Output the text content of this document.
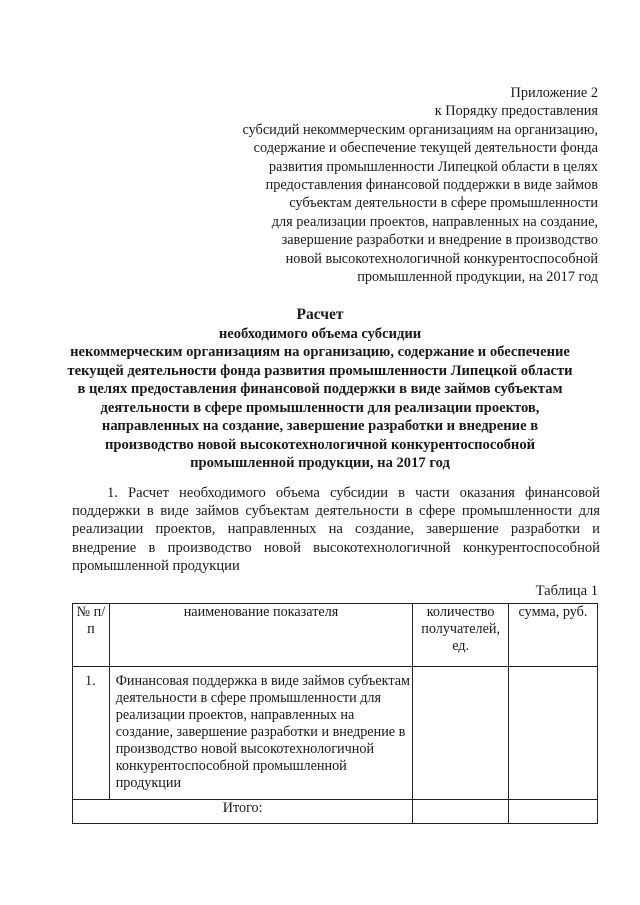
Приложение 2
к Порядку предоставления
субсидий некоммерческим организациям на организацию,
содержание и обеспечение текущей деятельности фонда
развития промышленности Липецкой области в целях
предоставления финансовой поддержки в виде займов
субъектам деятельности в сфере промышленности
для реализации проектов, направленных на создание,
завершение разработки и внедрение в производство
новой высокотехнологичной конкурентоспособной
промышленной продукции, на 2017 год
Расчет
необходимого объема субсидии
некоммерческим организациям на организацию, содержание и обеспечение
текущей деятельности фонда развития промышленности Липецкой области
в целях предоставления финансовой поддержки в виде займов субъектам
деятельности в сфере промышленности для реализации проектов,
направленных на создание, завершение разработки и внедрение в
производство новой высокотехнологичной конкурентоспособной
промышленной продукции, на 2017 год
1. Расчет необходимого объема субсидии в части оказания финансовой
поддержки в виде займов субъектам деятельности в сфере промышленности для
реализации проектов, направленных на создание, завершение разработки и
внедрение в производство новой высокотехнологичной конкурентоспособной
промышленной продукции
Таблица 1
№ п/п	наименование показателя	количество получателей, ед.	сумма, руб.
1.	Финансовая поддержка в виде займов субъектам деятельности в сфере промышленности для реализации проектов, направленных на создание, завершение разработки и внедрение в производство новой высокотехнологичной конкурентоспособной промышленной продукции		
Итого:			
